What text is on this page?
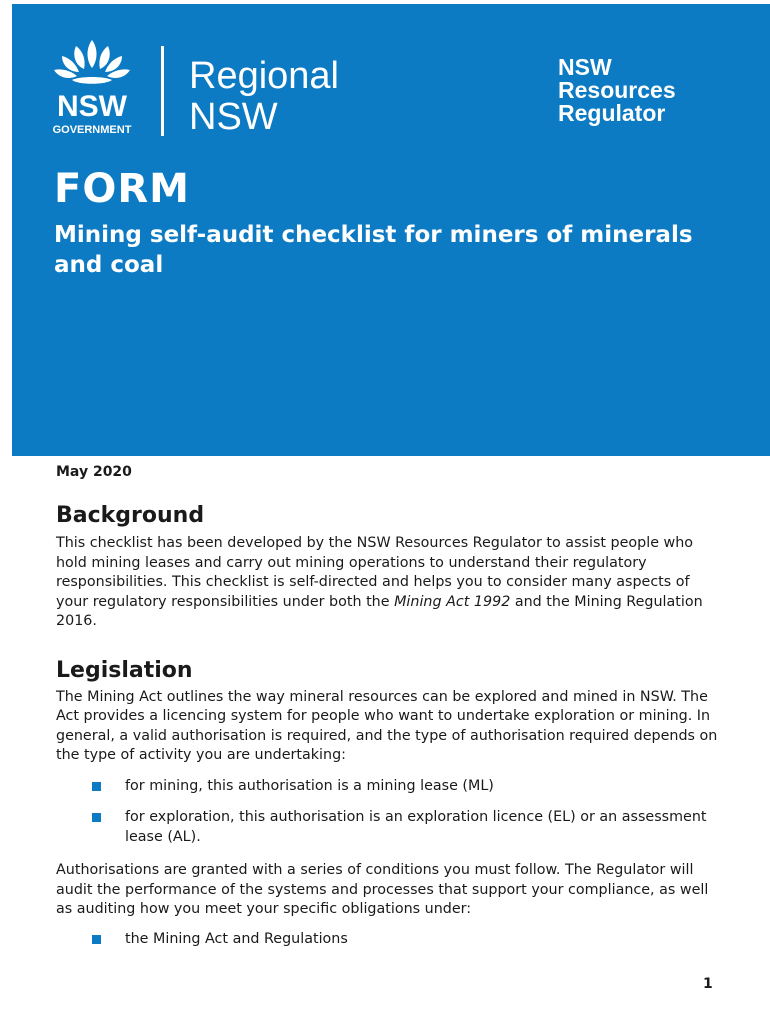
NSW
GOVERNMENT
Regional
NSW
NSW
Resources
Regulator
FORM
Mining self-audit checklist for miners of minerals and coal
May 2020
Background

This checklist has been developed by the NSW Resources Regulator to assist people who hold mining leases and carry out mining operations to understand their regulatory responsibilities. This checklist is self-directed and helps you to consider many aspects of your regulatory responsibilities under both the Mining Act 1992 and the Mining Regulation 2016.

Legislation

The Mining Act outlines the way mineral resources can be explored and mined in NSW. The Act provides a licencing system for people who want to undertake exploration or mining. In general, a valid authorisation is required, and the type of authorisation required depends on the type of activity you are undertaking:

for mining, this authorisation is a mining lease (ML)
for exploration, this authorisation is an exploration licence (EL) or an assessment lease (AL).

Authorisations are granted with a series of conditions you must follow. The Regulator will audit the performance of the systems and processes that support your compliance, as well as auditing how you meet your specific obligations under:

the Mining Act and Regulations
1
